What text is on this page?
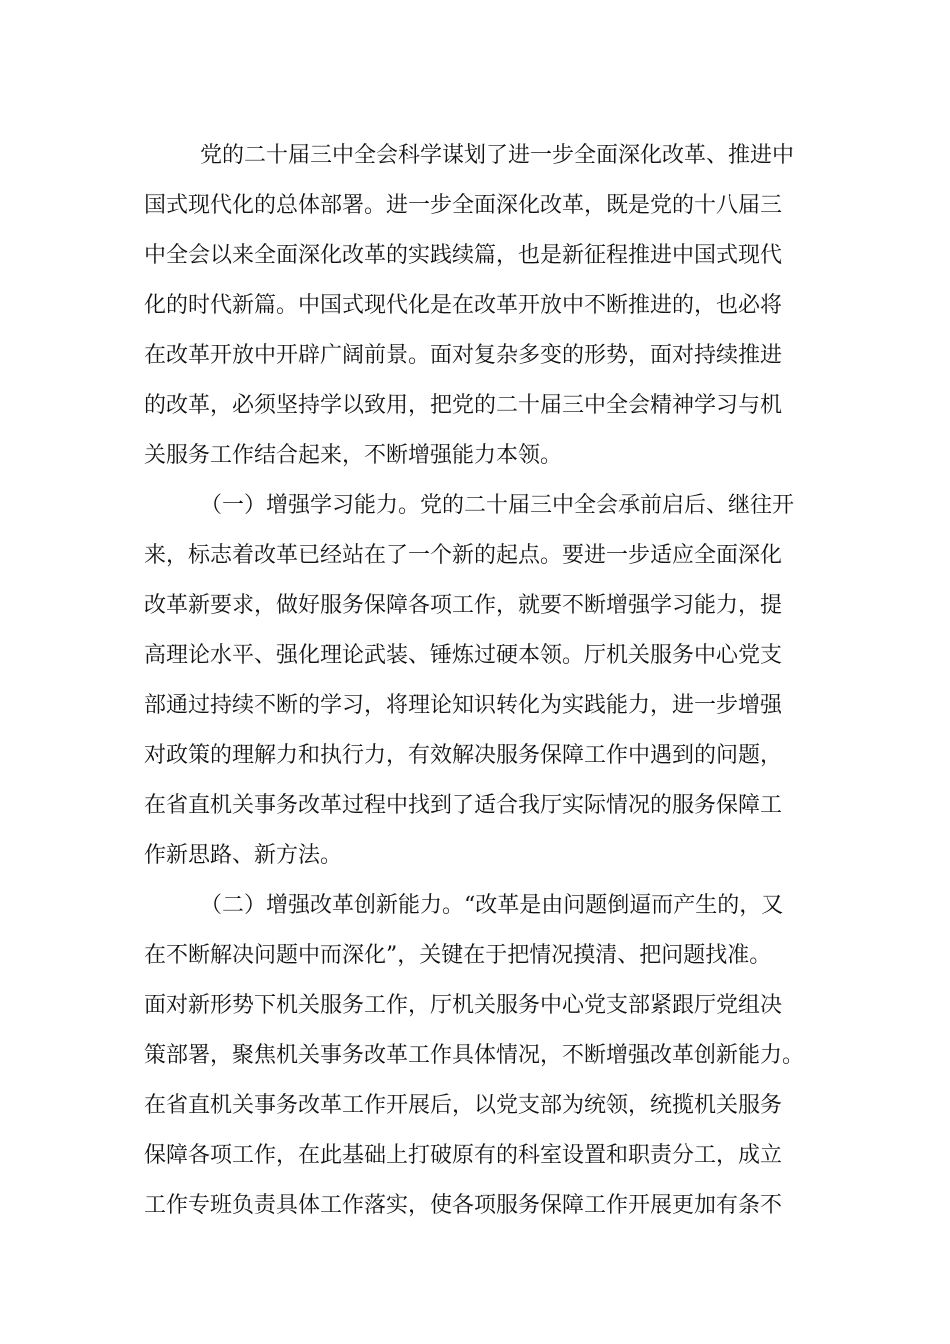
党的二十届三中全会科学谋划了进一步全面深化改革、推进中
国式现代化的总体部署。进一步全面深化改革，既是党的十八届三
中全会以来全面深化改革的实践续篇，也是新征程推进中国式现代
化的时代新篇。中国式现代化是在改革开放中不断推进的，也必将
在改革开放中开辟广阔前景。面对复杂多变的形势，面对持续推进
的改革，必须坚持学以致用，把党的二十届三中全会精神学习与机
关服务工作结合起来，不断增强能力本领。
（一）增强学习能力。党的二十届三中全会承前启后、继往开
来，标志着改革已经站在了一个新的起点。要进一步适应全面深化
改革新要求，做好服务保障各项工作，就要不断增强学习能力，提
高理论水平、强化理论武装、锤炼过硬本领。厅机关服务中心党支
部通过持续不断的学习，将理论知识转化为实践能力，进一步增强
对政策的理解力和执行力，有效解决服务保障工作中遇到的问题，
在省直机关事务改革过程中找到了适合我厅实际情况的服务保障工
作新思路、新方法。
（二）增强改革创新能力。“改革是由问题倒逼而产生的，又
在不断解决问题中而深化”，关键在于把情况摸清、把问题找准。
面对新形势下机关服务工作，厅机关服务中心党支部紧跟厅党组决
策部署，聚焦机关事务改革工作具体情况，不断增强改革创新能力。
在省直机关事务改革工作开展后，以党支部为统领，统揽机关服务
保障各项工作，在此基础上打破原有的科室设置和职责分工，成立
工作专班负责具体工作落实，使各项服务保障工作开展更加有条不
